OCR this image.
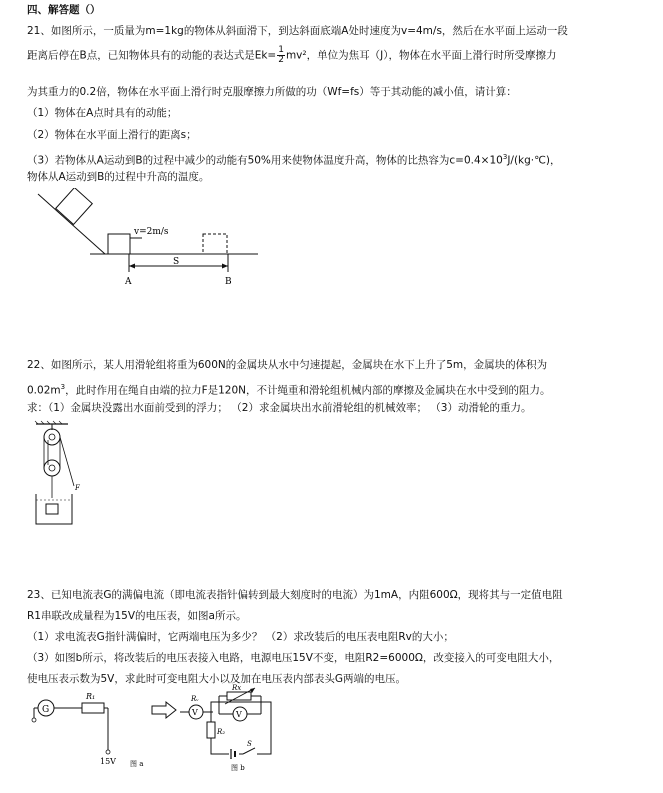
四、解答题（）
21、如图所示，一质量为m=1kg的物体从斜面滑下，到达斜面底端A处时速度为v=4m/s，然后在水平面上运动一段
距离后停在B点，已知物体具有的动能的表达式是$Ek= \frac{1}{2} mv^2$，单位为焦耳（J），物体在水平面上滑行时所受摩擦力
为其重力的0.2倍，物体在水平面上滑行时克服摩擦力所做的功（Wf=fs）等于其动能的减小值，请计算：
（1）物体在A点时具有的动能；
（2）物体在水平面上滑行的距离s；
（3）若物体从A运动到B的过程中减少的动能有50%用来使物体温度升高，物体的比热容为$c=0.4\times 10^3J/(kg\cdot℃)$，
物体从A运动到B的过程中升高的温度。
v=2m/s
S
A	B
22、如图所示，某人用滑轮组将重为600N的金属块从水中匀速提起，金属块在水下上升了5m，金属块的体积为
$0.02m^3$，此时作用在绳自由端的拉力F是120N，不计绳重和滑轮组机械内部的摩擦及金属块在水中受到的阻力。
求：（1）金属块没露出水面前受到的浮力； （2）求金属块出水前滑轮组的机械效率； （3）动滑轮的重力。
F
23、已知电流表G的满偏电流（即电流表指针偏转到最大刻度时的电流）为1mA，内阻600Ω，现将其与一定值电阻
R1串联改成量程为15V的电压表，如图a所示。
（1）求电流表G指针满偏时，它两端电压为多少？ （2）求改装后的电压表电阻Rv的大小；
（3）如图b所示，将改装后的电压表接入电路，电源电压15V不变，电阻R2=6000Ω，改变接入的可变电阻大小，
使电压表示数为5V，求此时可变电阻大小以及加在电压表内部表头G两端的电压。
G
R₁
15V 图 a
Rᵥ
V
Rx
V
R₂
S
图 b
